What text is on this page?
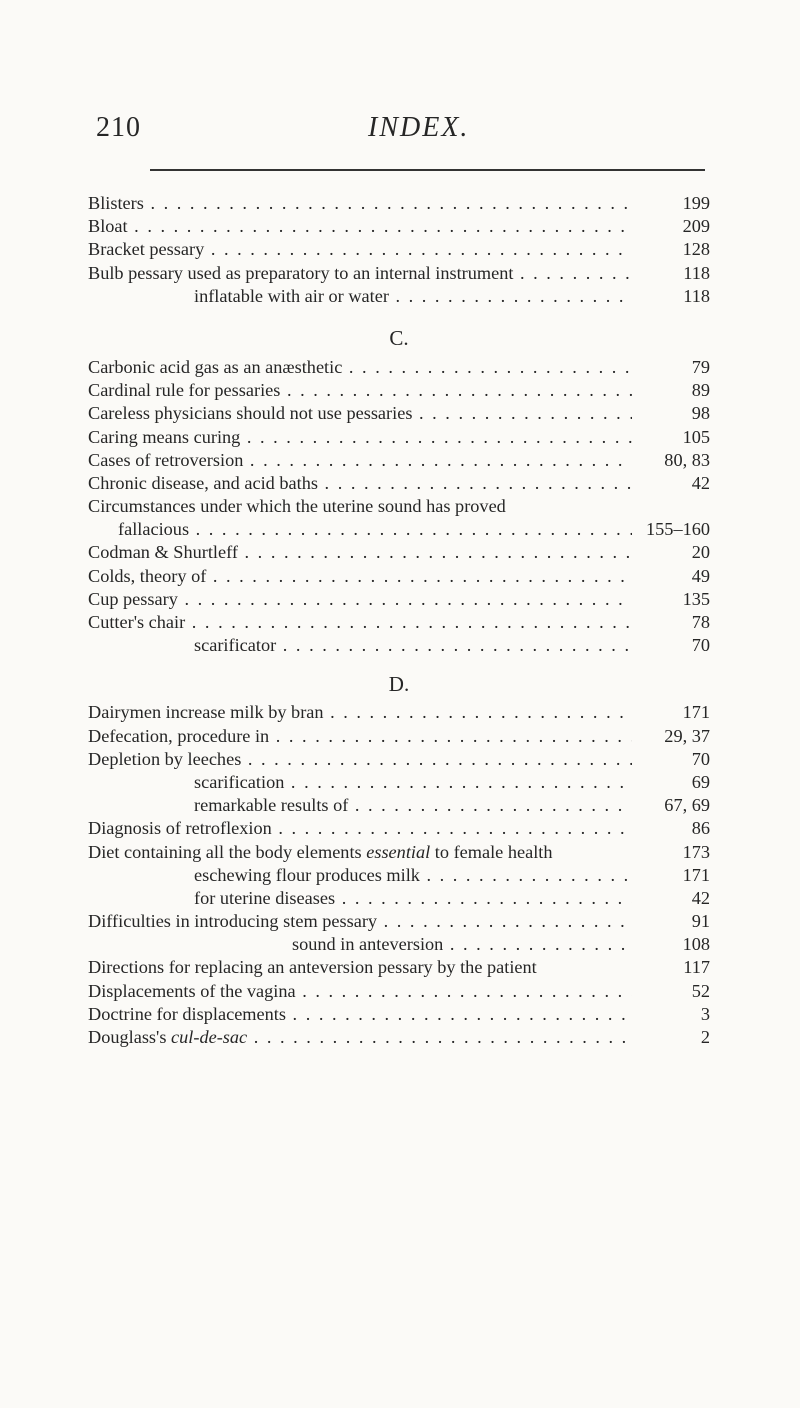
210	INDEX.
Blisters . . .	199
Bloat . . .	209
Bracket pessary . . .	128
Bulb pessary used as preparatory to an internal instrument . . .	118
inflatable with air or water . . .	118
C.
Carbonic acid gas as an anæsthetic . . .	79
Cardinal rule for pessaries . . .	89
Careless physicians should not use pessaries . . .	98
Caring means curing . . .	105
Cases of retroversion . . .	80, 83
Chronic disease, and acid baths . . .	42
Circumstances under which the uterine sound has proved
fallacious . . .	155–160
Codman & Shurtleff . . .	20
Colds, theory of . . .	49
Cup pessary . . .	135
Cutter's chair . . .	78
scarificator . . .	70
D.
Dairymen increase milk by bran . . .	171
Defecation, procedure in . . .	29, 37
Depletion by leeches . . .	70
scarification . . .	69
remarkable results of . . .	67, 69
Diagnosis of retroflexion . . .	86
Diet containing all the body elements essential to female health	173
eschewing flour produces milk . . .	171
for uterine diseases . . .	42
Difficulties in introducing stem pessary . . .	91
sound in anteversion . . .	108
Directions for replacing an anteversion pessary by the patient	117
Displacements of the vagina . . .	52
Doctrine for displacements . . .	3
Douglass's cul-de-sac . . .	2
